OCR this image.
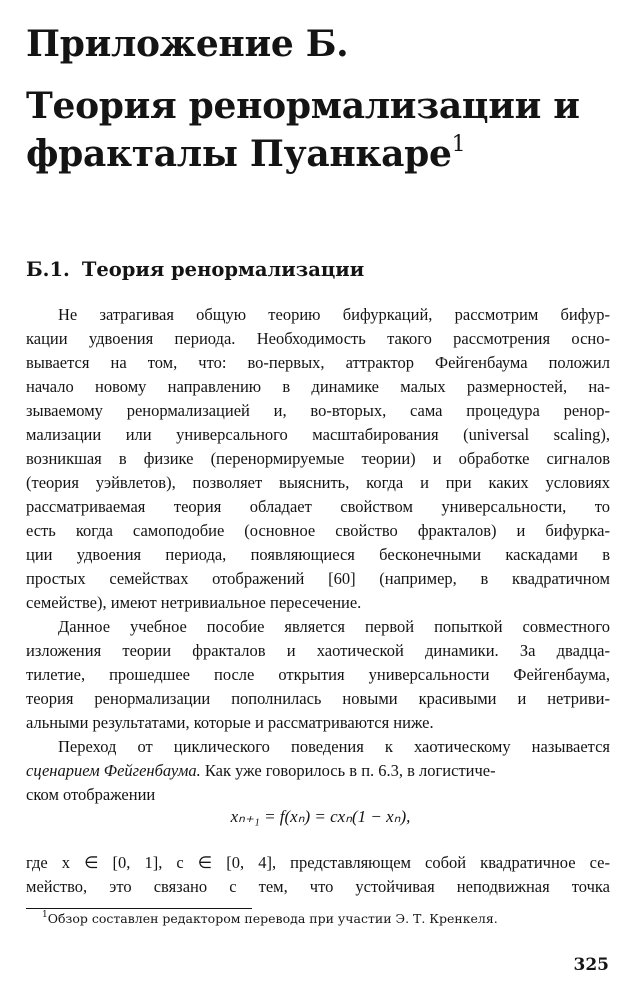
Приложение Б.
Теория ренормализации и
фракталы Пуанкаре$^1$
Б.1. Теория ренормализации
Не затрагивая общую теорию бифуркаций, рассмотрим бифур-
кации удвоения периода. Необходимость такого рассмотрения осно-
вывается на том, что: во-первых, аттрактор Фейгенбаума положил
начало новому направлению в динамике малых размерностей, на-
зываемому ренормализацией и, во-вторых, сама процедура ренор-
мализации или универсального масштабирования (universal scaling),
возникшая в физике (перенормируемые теории) и обработке сигналов
(теория уэйвлетов), позволяет выяснить, когда и при каких условиях
рассматриваемая теория обладает свойством универсальности, то
есть когда самоподобие (основное свойство фракталов) и бифурка-
ции удвоения периода, появляющиеся бесконечными каскадами в
простых семействах отображений [60] (например, в квадратичном
семействе), имеют нетривиальное пересечение.
Данное учебное пособие является первой попыткой совместного
изложения теории фракталов и хаотической динамики. За двадца-
тилетие, прошедшее после открытия универсальности Фейгенбаума,
теория ренормализации пополнилась новыми красивыми и нетриви-
альными результатами, которые и рассматриваются ниже.
Переход от циклического поведения к хаотическому называется
сценарием Фейгенбаума. Как уже говорилось в п. 6.3, в логистиче-
ском отображении
xₙ₊₁ = f(xₙ) = cxₙ(1 − xₙ),
где x ∈ [0, 1], c ∈ [0, 4], представляющем собой квадратичное се-
мейство, это связано с тем, что устойчивая неподвижная точка
$^1$Обзор составлен редактором перевода при участии Э. Т. Кренкеля.
325
